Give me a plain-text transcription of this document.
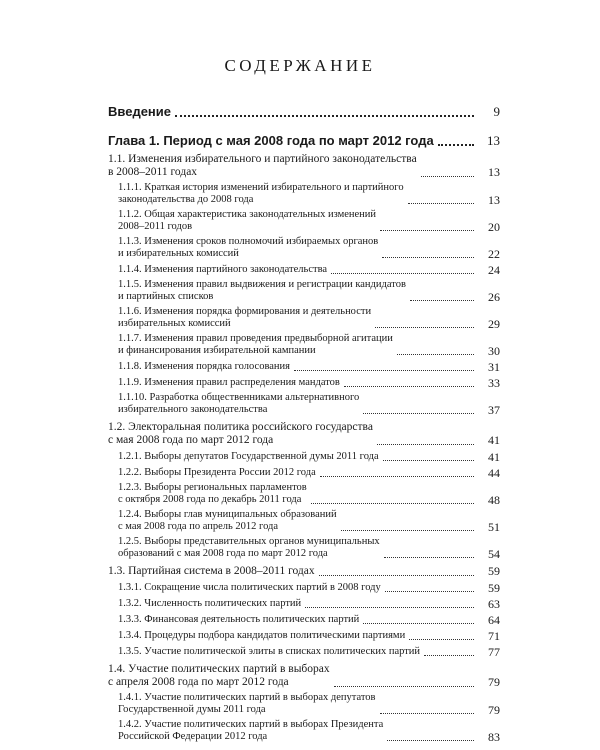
СОДЕРЖАНИЕ
Введение	9
Глава 1. Период с мая 2008 года по март 2012 года	13
1.1. Изменения избирательного и партийного законодательства
в 2008–2011 годах	13
1.1.1. Краткая история изменений избирательного и партийного
законодательства до 2008 года	13
1.1.2. Общая характеристика законодательных изменений
2008–2011 годов	20
1.1.3. Изменения сроков полномочий избираемых органов
и избирательных комиссий	22
1.1.4. Изменения партийного законодательства	24
1.1.5. Изменения правил выдвижения и регистрации кандидатов
и партийных списков	26
1.1.6. Изменения порядка формирования и деятельности
избирательных комиссий	29
1.1.7. Изменения правил проведения предвыборной агитации
и финансирования избирательной кампании	30
1.1.8. Изменения порядка голосования	31
1.1.9. Изменения правил распределения мандатов	33
1.1.10. Разработка общественниками альтернативного
избирательного законодательства	37
1.2. Электоральная политика российского государства
с мая 2008 года по март 2012 года	41
1.2.1. Выборы депутатов Государственной думы 2011 года	41
1.2.2. Выборы Президента России 2012 года	44
1.2.3. Выборы региональных парламентов
с октября 2008 года по декабрь 2011 года	48
1.2.4. Выборы глав муниципальных образований
с мая 2008 года по апрель 2012 года	51
1.2.5. Выборы представительных органов муниципальных
образований с мая 2008 года по март 2012 года	54
1.3. Партийная система в 2008–2011 годах	59
1.3.1. Сокращение числа политических партий в 2008 году	59
1.3.2. Численность политических партий	63
1.3.3. Финансовая деятельность политических партий	64
1.3.4. Процедуры подбора кандидатов политическими партиями	71
1.3.5. Участие политической элиты в списках политических партий	77
1.4. Участие политических партий в выборах
с апреля 2008 года по март 2012 года	79
1.4.1. Участие политических партий в выборах депутатов
Государственной думы 2011 года	79
1.4.2. Участие политических партий в выборах Президента
Российской Федерации 2012 года	83
